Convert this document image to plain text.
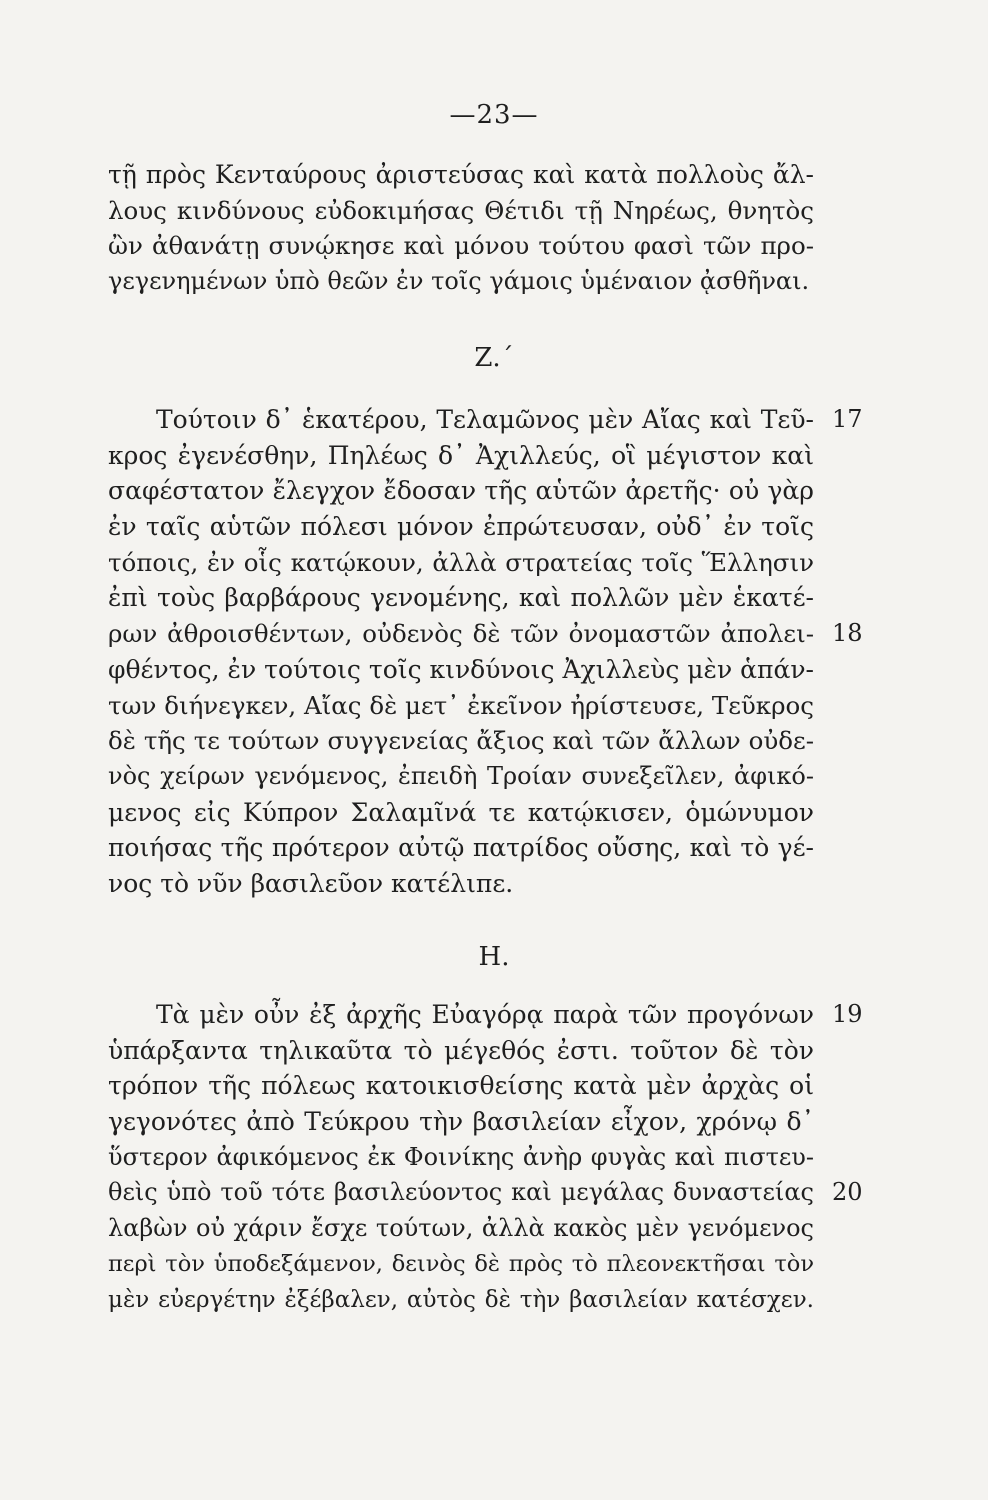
—23—
τῇ πρὸς Κενταύρους ἀριστεύσας καὶ κατὰ πολλοὺς ἄλ-
λους κινδύνους εὐδοκιμήσας Θέτιδι τῇ Νηρέως, θνητὸς
ὢν ἀθανάτῃ συνῴκησε καὶ μόνου τούτου φασὶ τῶν προ-
γεγενημένων ὑπὸ θεῶν ἐν τοῖς γάμοις ὑμέναιον ᾀσθῆναι.
Ζ.΄
Τούτοιν δ᾽ ἑκατέρου, Τελαμῶνος μὲν Αἴας καὶ Τεῦ-
κρος ἐγενέσθην, Πηλέως δ᾽ Ἀχιλλεύς, οἳ μέγιστον καὶ
σαφέστατον ἔλεγχον ἔδοσαν τῆς αὑτῶν ἀρετῆς· οὐ γὰρ
ἐν ταῖς αὑτῶν πόλεσι μόνον ἐπρώτευσαν, οὐδ᾽ ἐν τοῖς
τόποις, ἐν οἷς κατῴκουν, ἀλλὰ στρατείας τοῖς Ἕλλησιν
ἐπὶ τοὺς βαρβάρους γενομένης, καὶ πολλῶν μὲν ἑκατέ-
ρων ἀθροισθέντων, οὐδενὸς δὲ τῶν ὀνομαστῶν ἀπολει-
φθέντος, ἐν τούτοις τοῖς κινδύνοις Ἀχιλλεὺς μὲν ἁπάν-
των διήνεγκεν, Αἴας δὲ μετ᾽ ἐκεῖνον ἠρίστευσε, Τεῦκρος
δὲ τῆς τε τούτων συγγενείας ἄξιος καὶ τῶν ἄλλων οὐδε-
νὸς χείρων γενόμενος, ἐπειδὴ Τροίαν συνεξεῖλεν, ἀφικό-
μενος εἰς Κύπρον Σαλαμῖνά τε κατῴκισεν, ὁμώνυμον
ποιήσας τῆς πρότερον αὐτῷ πατρίδος οὔσης, καὶ τὸ γέ-
νος τὸ νῦν βασιλεῦον κατέλιπε.
17
18
Η.
Τὰ μὲν οὖν ἐξ ἀρχῆς Εὐαγόρᾳ παρὰ τῶν προγόνων
ὑπάρξαντα τηλικαῦτα τὸ μέγεθός ἐστι. τοῦτον δὲ τὸν
τρόπον τῆς πόλεως κατοικισθείσης κατὰ μὲν ἀρχὰς οἱ
γεγονότες ἀπὸ Τεύκρου τὴν βασιλείαν εἶχον, χρόνῳ δ᾽
ὕστερον ἀφικόμενος ἐκ Φοινίκης ἀνὴρ φυγὰς καὶ πιστευ-
θεὶς ὑπὸ τοῦ τότε βασιλεύοντος καὶ μεγάλας δυναστείας
λαβὼν οὐ χάριν ἔσχε τούτων, ἀλλὰ κακὸς μὲν γενόμενος
περὶ τὸν ὑποδεξάμενον, δεινὸς δὲ πρὸς τὸ πλεονεκτῆσαι τὸν
μὲν εὐεργέτην ἐξέβαλεν, αὐτὸς δὲ τὴν βασιλείαν κατέσχεν.
19
20
